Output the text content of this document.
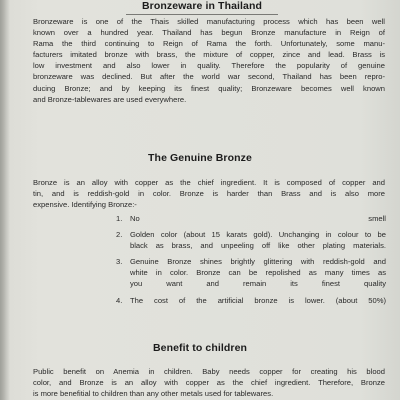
Bronzeware in Thailand
Bronzeware is one of the Thais skilled manufacturing process which has been well
known over a hundred year. Thailand has begun Bronze manufacture in Reign of
Rama the third continuing to Reign of Rama the forth. Unfortunately, some manu-
facturers imitated bronze with brass, the mixture of copper, zince and lead. Brass is
low investment and also lower in quality. Therefore the popularity of genuine
bronzeware was declined. But after the world war second, Thailand has been repro-
ducing Bronze; and by keeping its finest quality; Bronzeware becomes well known
and Bronze-tablewares are used everywhere.
The Genuine Bronze
Bronze is an alloy with copper as the chief ingredient. It is composed of copper and
tin, and is reddish-gold in color. Bronze is harder than Brass and is also more
expensive. Identifying Bronze:-
1. No smell
2. Golden color (about 15 karats gold). Unchanging in colour to be
black as brass, and unpeeling off like other plating materials.
3. Genuine Bronze shines brightly glittering with reddish-gold and
white in color. Bronze can be repolished as many times as
you want and remain its finest quality
4. The cost of the artificial bronze is lower. (about 50%)
Benefit to children
Public benefit on Anemia in children. Baby needs copper for creating his blood
color, and Bronze is an alloy with copper as the chief ingredient. Therefore, Bronze
is more benefitial to children than any other metals used for tablewares.
